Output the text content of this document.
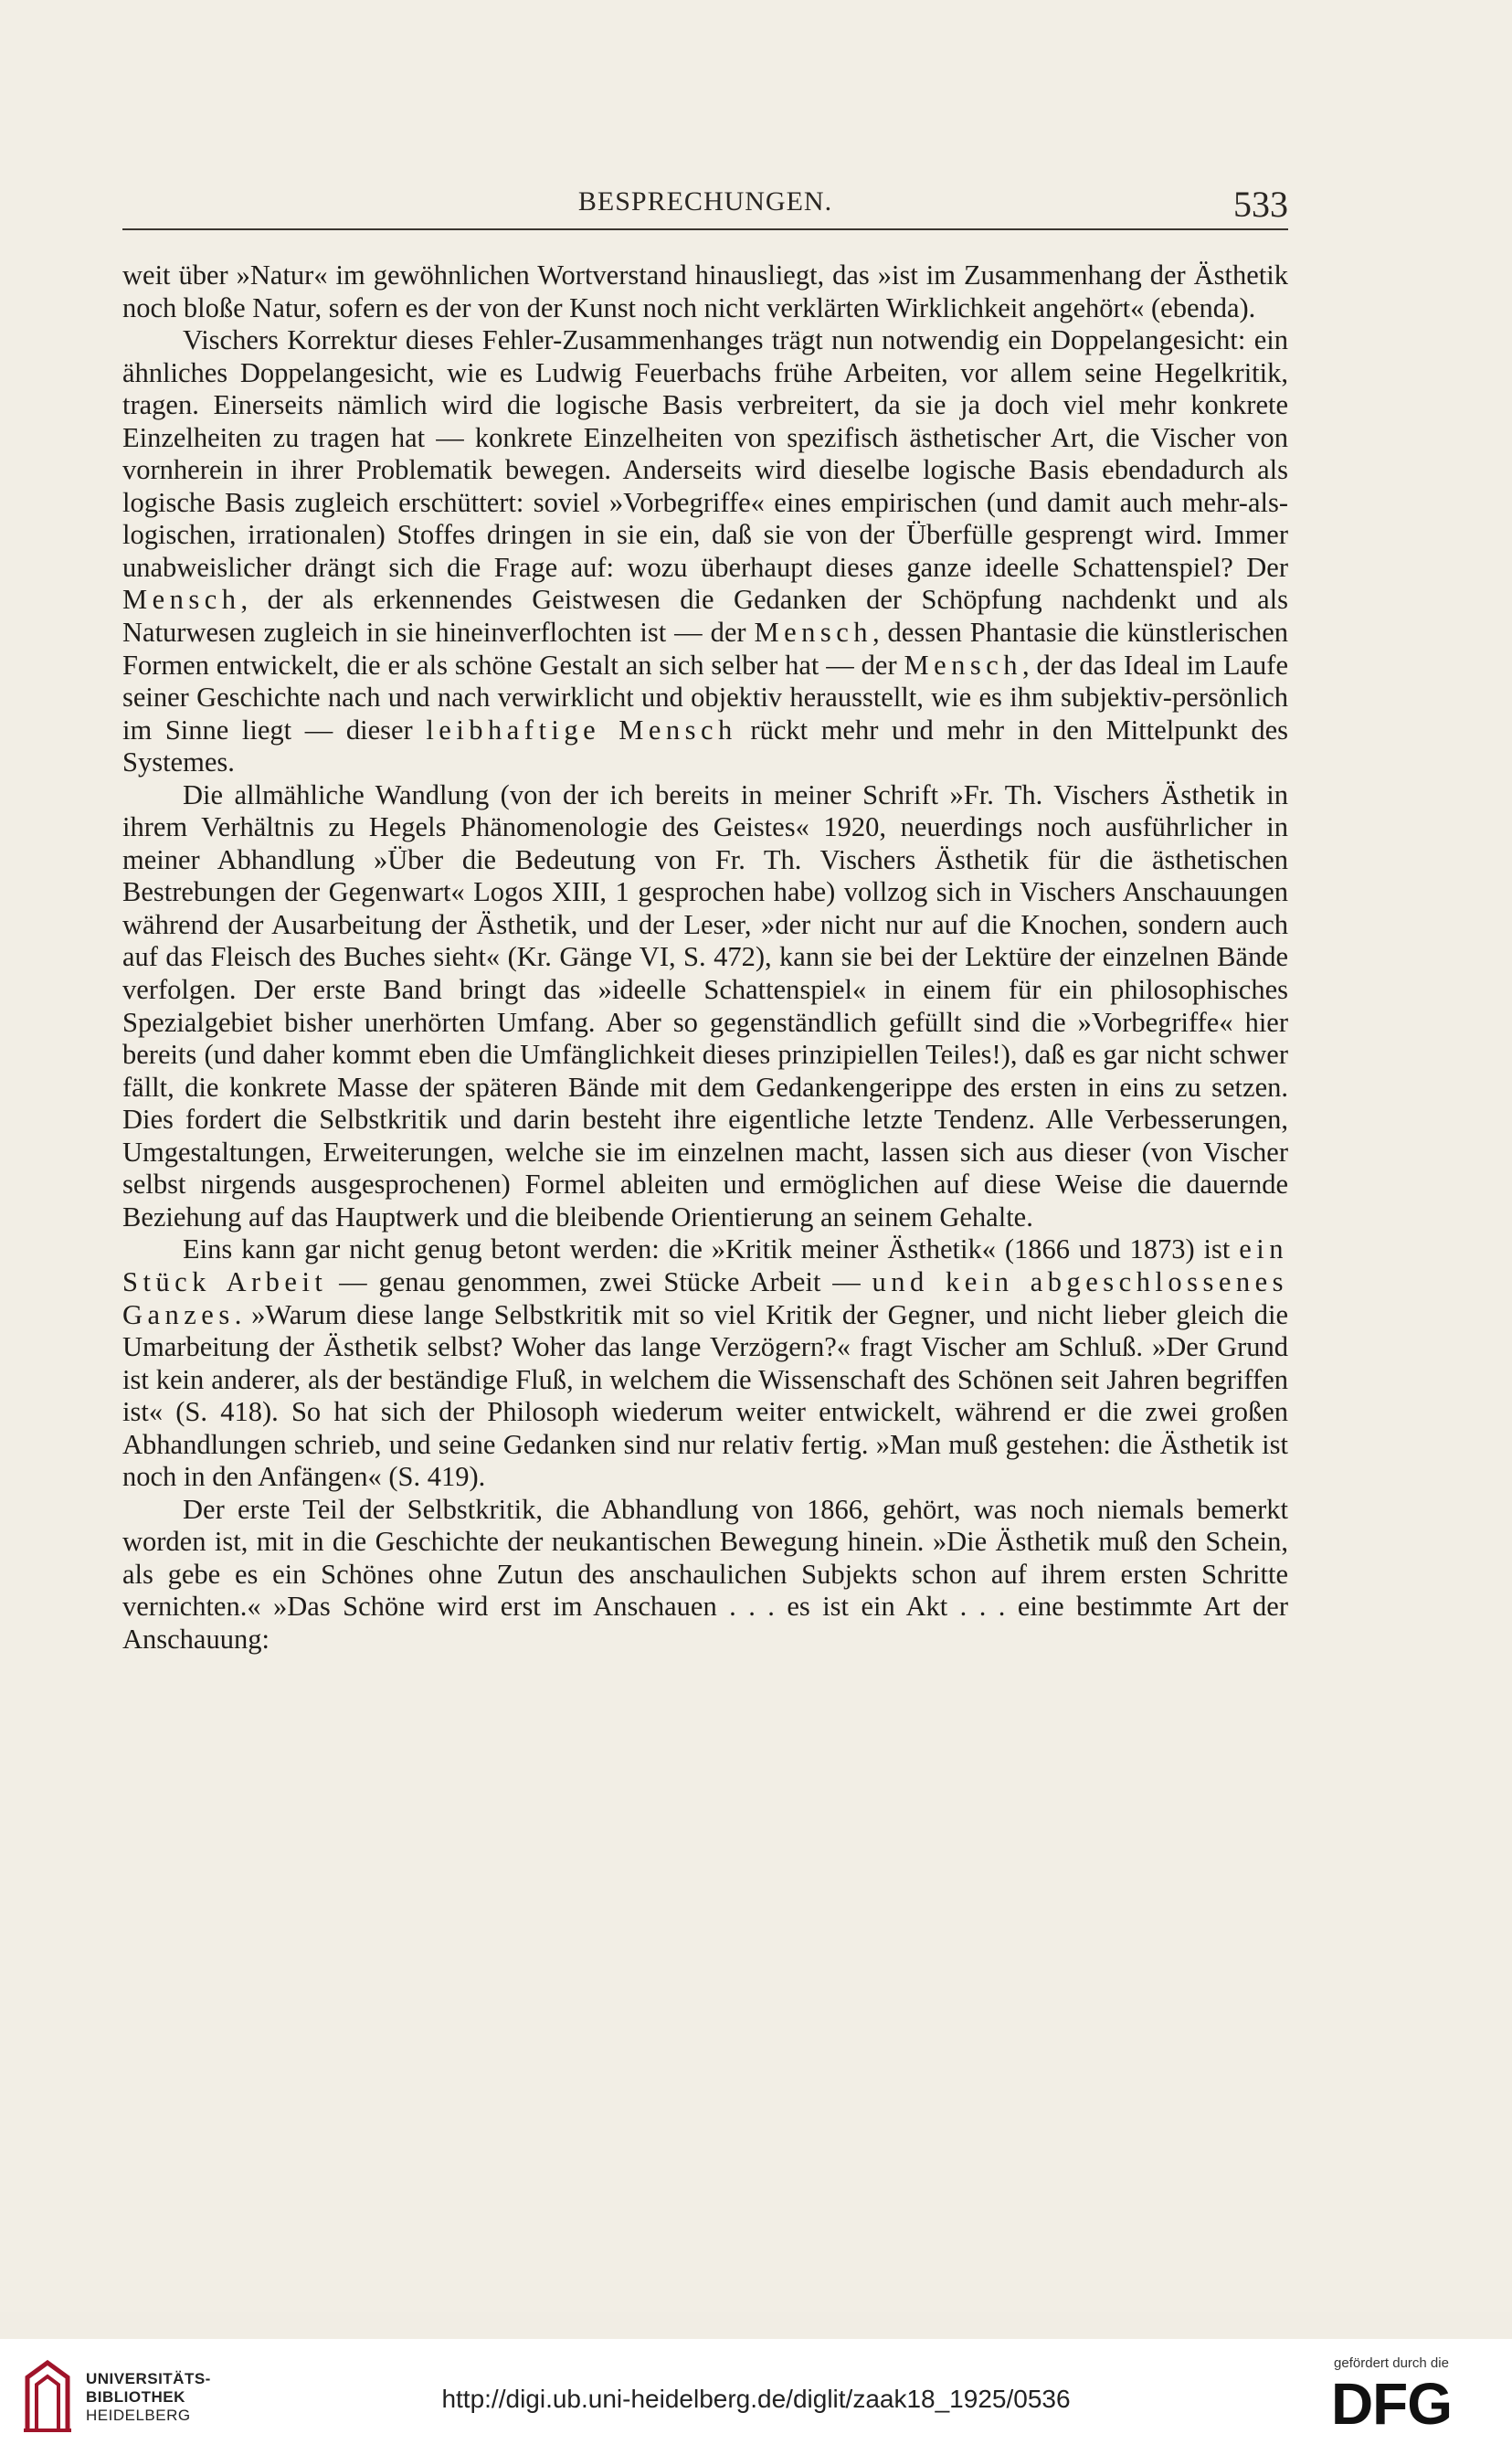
BESPRECHUNGEN.	533

weit über »Natur« im gewöhnlichen Wortverstand hinausliegt, das »ist im Zusammenhang der Ästhetik noch bloße Natur, sofern es der von der Kunst noch nicht verklärten Wirklichkeit angehört« (ebenda).

Vischers Korrektur dieses Fehler-Zusammenhanges trägt nun notwendig ein Doppelangesicht: ein ähnliches Doppelangesicht, wie es Ludwig Feuerbachs frühe Arbeiten, vor allem seine Hegelkritik, tragen. Einerseits nämlich wird die logische Basis verbreitert, da sie ja doch viel mehr konkrete Einzelheiten zu tragen hat — konkrete Einzelheiten von spezifisch ästhetischer Art, die Vischer von vornherein in ihrer Problematik bewegen. Anderseits wird dieselbe logische Basis ebendadurch als logische Basis zugleich erschüttert: soviel »Vorbegriffe« eines empirischen (und damit auch mehr-als-logischen, irrationalen) Stoffes dringen in sie ein, daß sie von der Überfülle gesprengt wird. Immer unabweislicher drängt sich die Frage auf: wozu überhaupt dieses ganze ideelle Schattenspiel? Der Mensch, der als erkennendes Geistwesen die Gedanken der Schöpfung nachdenkt und als Naturwesen zugleich in sie hineinverflochten ist — der Mensch, dessen Phantasie die künstlerischen Formen entwickelt, die er als schöne Gestalt an sich selber hat — der Mensch, der das Ideal im Laufe seiner Geschichte nach und nach verwirklicht und objektiv herausstellt, wie es ihm subjektiv-persönlich im Sinne liegt — dieser leibhaftige Mensch rückt mehr und mehr in den Mittelpunkt des Systemes.

Die allmähliche Wandlung (von der ich bereits in meiner Schrift »Fr. Th. Vischers Ästhetik in ihrem Verhältnis zu Hegels Phänomenologie des Geistes« 1920, neuerdings noch ausführlicher in meiner Abhandlung »Über die Bedeutung von Fr. Th. Vischers Ästhetik für die ästhetischen Bestrebungen der Gegenwart« Logos XIII, 1 gesprochen habe) vollzog sich in Vischers Anschauungen während der Ausarbeitung der Ästhetik, und der Leser, »der nicht nur auf die Knochen, sondern auch auf das Fleisch des Buches sieht« (Kr. Gänge VI, S. 472), kann sie bei der Lektüre der einzelnen Bände verfolgen. Der erste Band bringt das »ideelle Schattenspiel« in einem für ein philosophisches Spezialgebiet bisher unerhörten Umfang. Aber so gegenständlich gefüllt sind die »Vorbegriffe« hier bereits (und daher kommt eben die Umfänglichkeit dieses prinzipiellen Teiles!), daß es gar nicht schwer fällt, die konkrete Masse der späteren Bände mit dem Gedankengerippe des ersten in eins zu setzen. Dies fordert die Selbstkritik und darin besteht ihre eigentliche letzte Tendenz. Alle Verbesserungen, Umgestaltungen, Erweiterungen, welche sie im einzelnen macht, lassen sich aus dieser (von Vischer selbst nirgends ausgesprochenen) Formel ableiten und ermöglichen auf diese Weise die dauernde Beziehung auf das Hauptwerk und die bleibende Orientierung an seinem Gehalte.

Eins kann gar nicht genug betont werden: die »Kritik meiner Ästhetik« (1866 und 1873) ist ein Stück Arbeit — genau genommen, zwei Stücke Arbeit — und kein abgeschlossenes Ganzes. »Warum diese lange Selbstkritik mit so viel Kritik der Gegner, und nicht lieber gleich die Umarbeitung der Ästhetik selbst? Woher das lange Verzögern?« fragt Vischer am Schluß. »Der Grund ist kein anderer, als der beständige Fluß, in welchem die Wissenschaft des Schönen seit Jahren begriffen ist« (S. 418). So hat sich der Philosoph wiederum weiter entwickelt, während er die zwei großen Abhandlungen schrieb, und seine Gedanken sind nur relativ fertig. »Man muß gestehen: die Ästhetik ist noch in den Anfängen« (S. 419).

Der erste Teil der Selbstkritik, die Abhandlung von 1866, gehört, was noch niemals bemerkt worden ist, mit in die Geschichte der neukantischen Bewegung hinein. »Die Ästhetik muß den Schein, als gebe es ein Schönes ohne Zutun des anschaulichen Subjekts schon auf ihrem ersten Schritte vernichten.« »Das Schöne wird erst im Anschauen . . . es ist ein Akt . . . eine bestimmte Art der Anschauung:

UNIVERSITÄTS-
BIBLIOTHEK
HEIDELBERG
http://digi.ub.uni-heidelberg.de/diglit/zaak18_1925/0536
gefördert durch die
DFG
